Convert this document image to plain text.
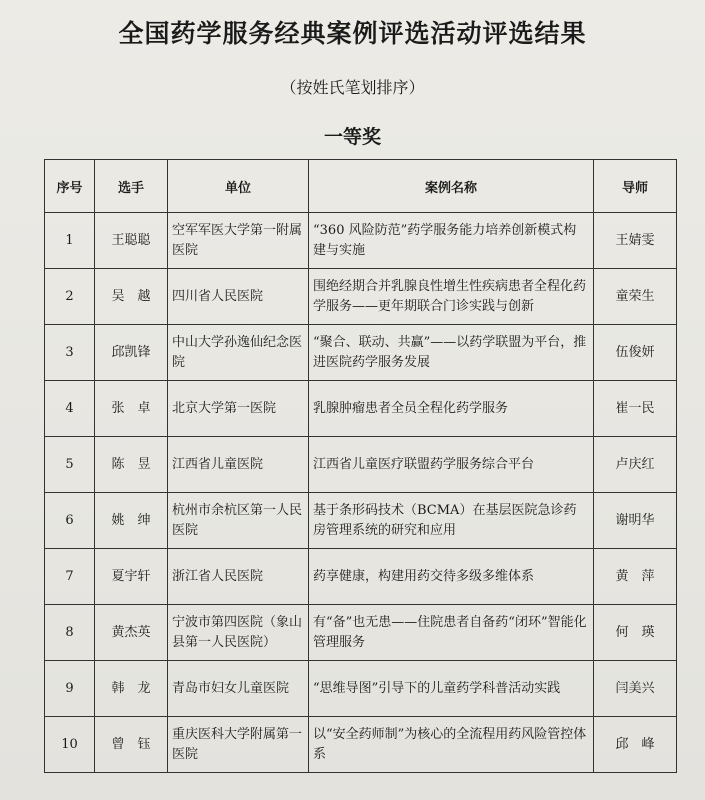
全国药学服务经典案例评选活动评选结果
（按姓氏笔划排序）
一等奖
序号	选手	单位	案例名称	导师
1	王聪聪	空军军医大学第一附属医院	“360 风险防范”药学服务能力培养创新模式构建与实施	王婧雯
2	吴　越	四川省人民医院	围绝经期合并乳腺良性增生性疾病患者全程化药学服务——更年期联合门诊实践与创新	童荣生
3	邱凯锋	中山大学孙逸仙纪念医院	“聚合、联动、共赢”——以药学联盟为平台，推进医院药学服务发展	伍俊妍
4	张　卓	北京大学第一医院	乳腺肿瘤患者全员全程化药学服务	崔一民
5	陈　昱	江西省儿童医院	江西省儿童医疗联盟药学服务综合平台	卢庆红
6	姚　绅	杭州市余杭区第一人民医院	基于条形码技术（BCMA）在基层医院急诊药房管理系统的研究和应用	谢明华
7	夏宇轩	浙江省人民医院	药享健康，构建用药交待多级多维体系	黄　萍
8	黄杰英	宁波市第四医院（象山县第一人民医院）	有“备”也无患——住院患者自备药“闭环”智能化管理服务	何　瑛
9	韩　龙	青岛市妇女儿童医院	“思维导图”引导下的儿童药学科普活动实践	闫美兴
10	曾　钰	重庆医科大学附属第一医院	以“安全药师制”为核心的全流程用药风险管控体系	邱　峰
